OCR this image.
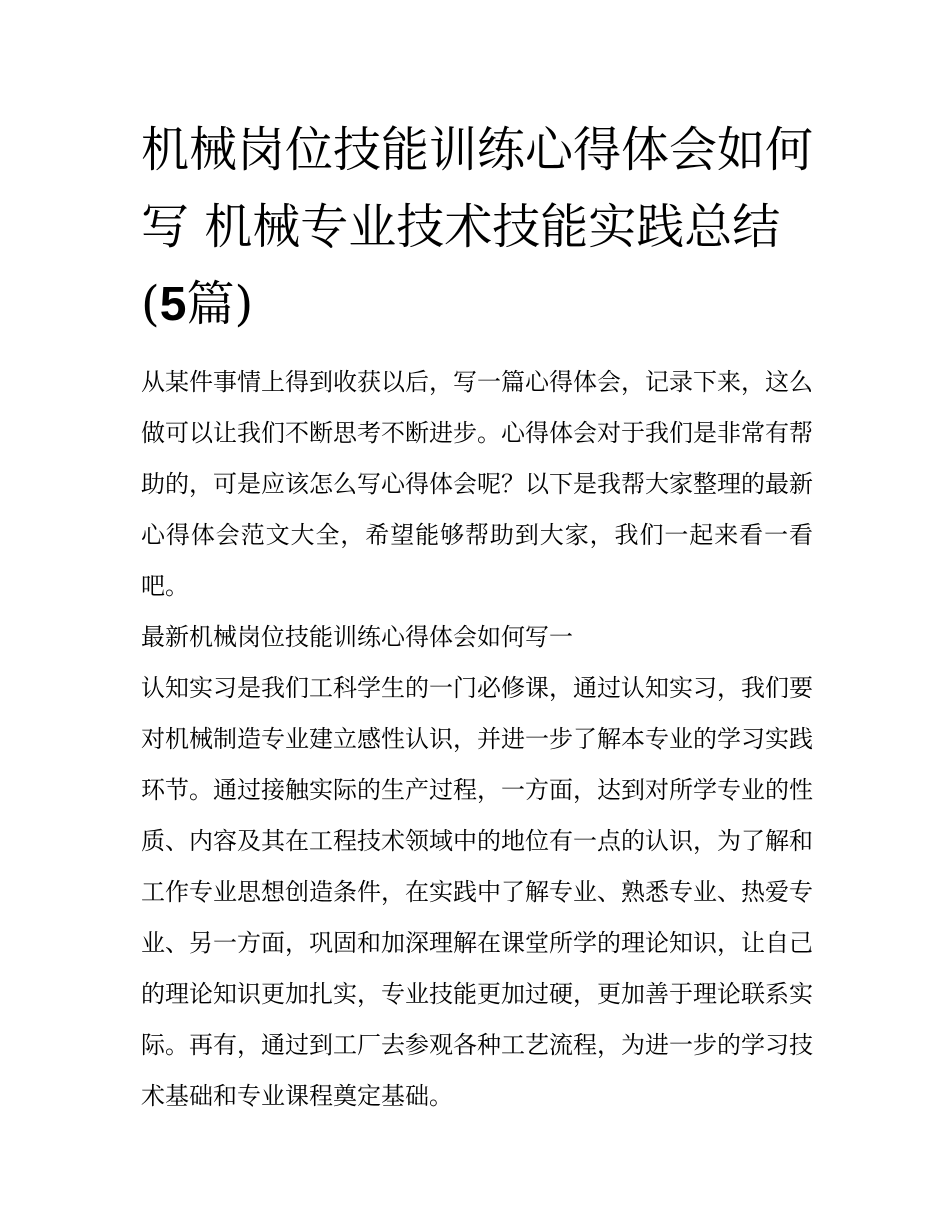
机械岗位技能训练心得体会如何写 机械专业技术技能实践总结(5篇)

从某件事情上得到收获以后，写一篇心得体会，记录下来，这么做可以让我们不断思考不断进步。心得体会对于我们是非常有帮助的，可是应该怎么写心得体会呢？以下是我帮大家整理的最新心得体会范文大全，希望能够帮助到大家，我们一起来看一看吧。

最新机械岗位技能训练心得体会如何写一

认知实习是我们工科学生的一门必修课，通过认知实习，我们要对机械制造专业建立感性认识，并进一步了解本专业的学习实践环节。通过接触实际的生产过程，一方面，达到对所学专业的性质、内容及其在工程技术领域中的地位有一点的认识，为了解和工作专业思想创造条件，在实践中了解专业、熟悉专业、热爱专业、另一方面，巩固和加深理解在课堂所学的理论知识，让自己的理论知识更加扎实，专业技能更加过硬，更加善于理论联系实际。再有，通过到工厂去参观各种工艺流程，为进一步的学习技术基础和专业课程奠定基础。
